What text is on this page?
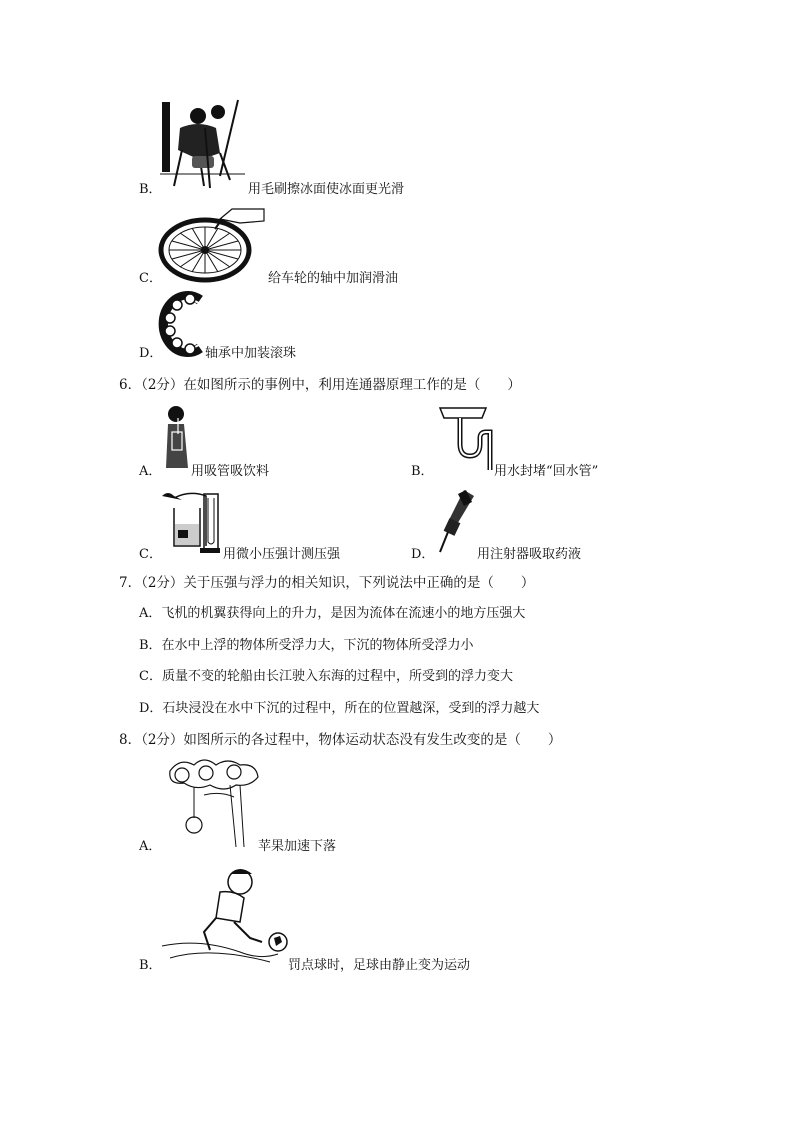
B．	用毛刷擦冰面使冰面更光滑
C．	给车轮的轴中加润滑油
D．	轴承中加装滚珠
6．（2分）在如图所示的事例中，利用连通器原理工作的是（　　）
A． 用吸管吸饮料	B．	用水封堵“回水管”
C．	用微小压强计测压强	D．	用注射器吸取药液
7．（2分）关于压强与浮力的相关知识，下列说法中正确的是（　　）
A．飞机的机翼获得向上的升力，是因为流体在流速小的地方压强大
B．在水中上浮的物体所受浮力大，下沉的物体所受浮力小
C．质量不变的轮船由长江驶入东海的过程中，所受到的浮力变大
D．石块浸没在水中下沉的过程中，所在的位置越深，受到的浮力越大
8．（2分）如图所示的各过程中，物体运动状态没有发生改变的是（　　）
A．	苹果加速下落
B．	罚点球时，足球由静止变为运动
